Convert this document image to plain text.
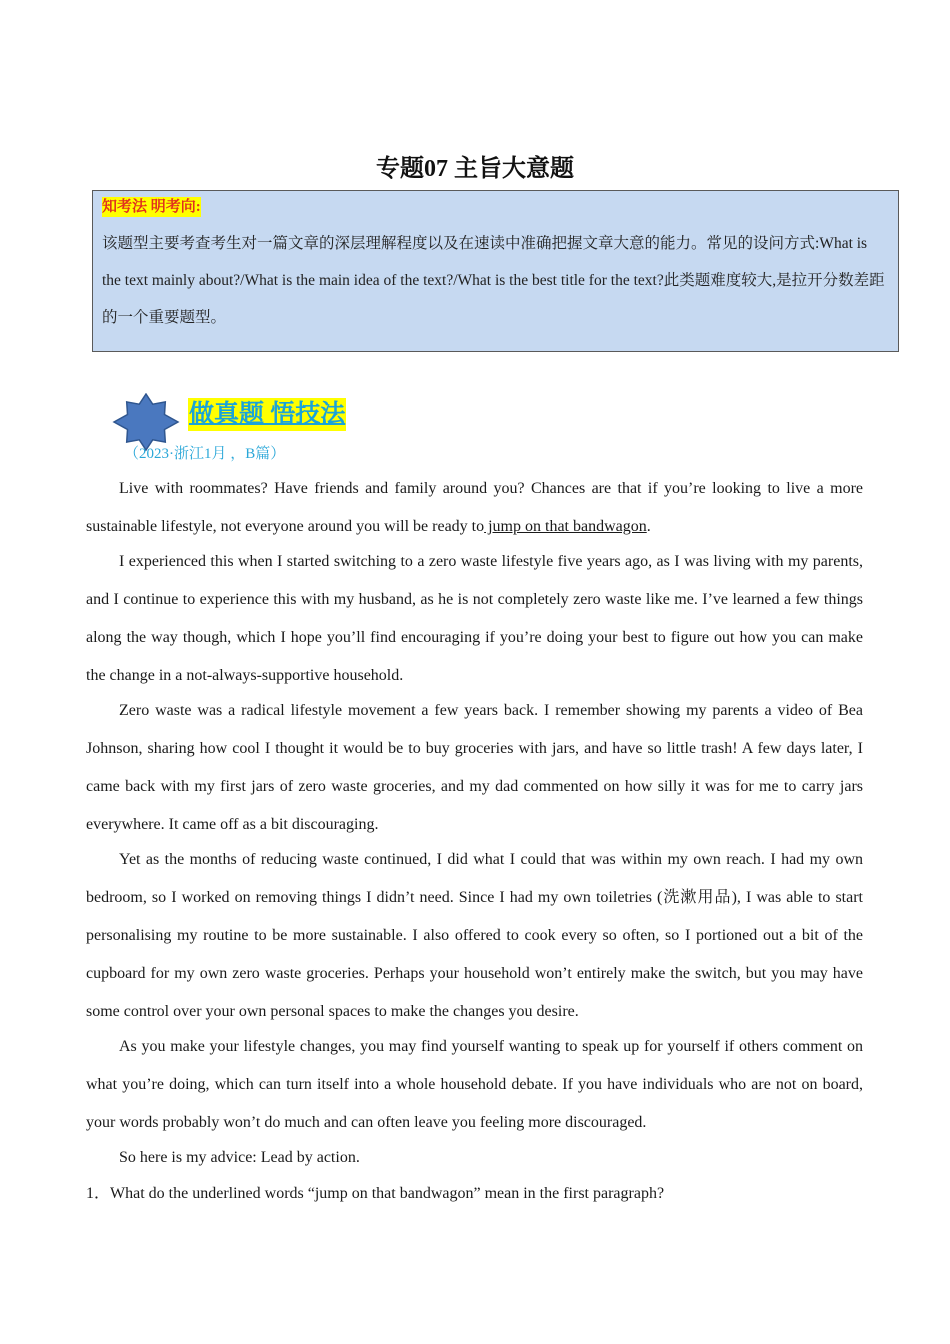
专题07 主旨大意题
知考法 明考向:
该题型主要考查考生对一篇文章的深层理解程度以及在速读中准确把握文章大意的能力。常见的设问方式:What is the text mainly about?/What is the main idea of the text?/What is the best title for the text?此类题难度较大,是拉开分数差距的一个重要题型。
做真题 悟技法
（2023·浙江1月 ，B篇）

Live with roommates? Have friends and family around you? Chances are that if you’re looking to live a more sustainable lifestyle, not everyone around you will be ready to jump on that bandwagon.

I experienced this when I started switching to a zero waste lifestyle five years ago, as I was living with my parents, and I continue to experience this with my husband, as he is not completely zero waste like me. I’ve learned a few things along the way though, which I hope you’ll find encouraging if you’re doing your best to figure out how you can make the change in a not-always-supportive household.

Zero waste was a radical lifestyle movement a few years back. I remember showing my parents a video of Bea Johnson, sharing how cool I thought it would be to buy groceries with jars, and have so little trash! A few days later, I came back with my first jars of zero waste groceries, and my dad commented on how silly it was for me to carry jars everywhere. It came off as a bit discouraging.

Yet as the months of reducing waste continued, I did what I could that was within my own reach. I had my own bedroom, so I worked on removing things I didn’t need. Since I had my own toiletries (洗漱用品), I was able to start personalising my routine to be more sustainable. I also offered to cook every so often, so I portioned out a bit of the cupboard for my own zero waste groceries. Perhaps your household won’t entirely make the switch, but you may have some control over your own personal spaces to make the changes you desire.

As you make your lifestyle changes, you may find yourself wanting to speak up for yourself if others comment on what you’re doing, which can turn itself into a whole household debate. If you have individuals who are not on board, your words probably won’t do much and can often leave you feeling more discouraged.

So here is my advice: Lead by action.

1．What do the underlined words “jump on that bandwagon” mean in the first paragraph?
